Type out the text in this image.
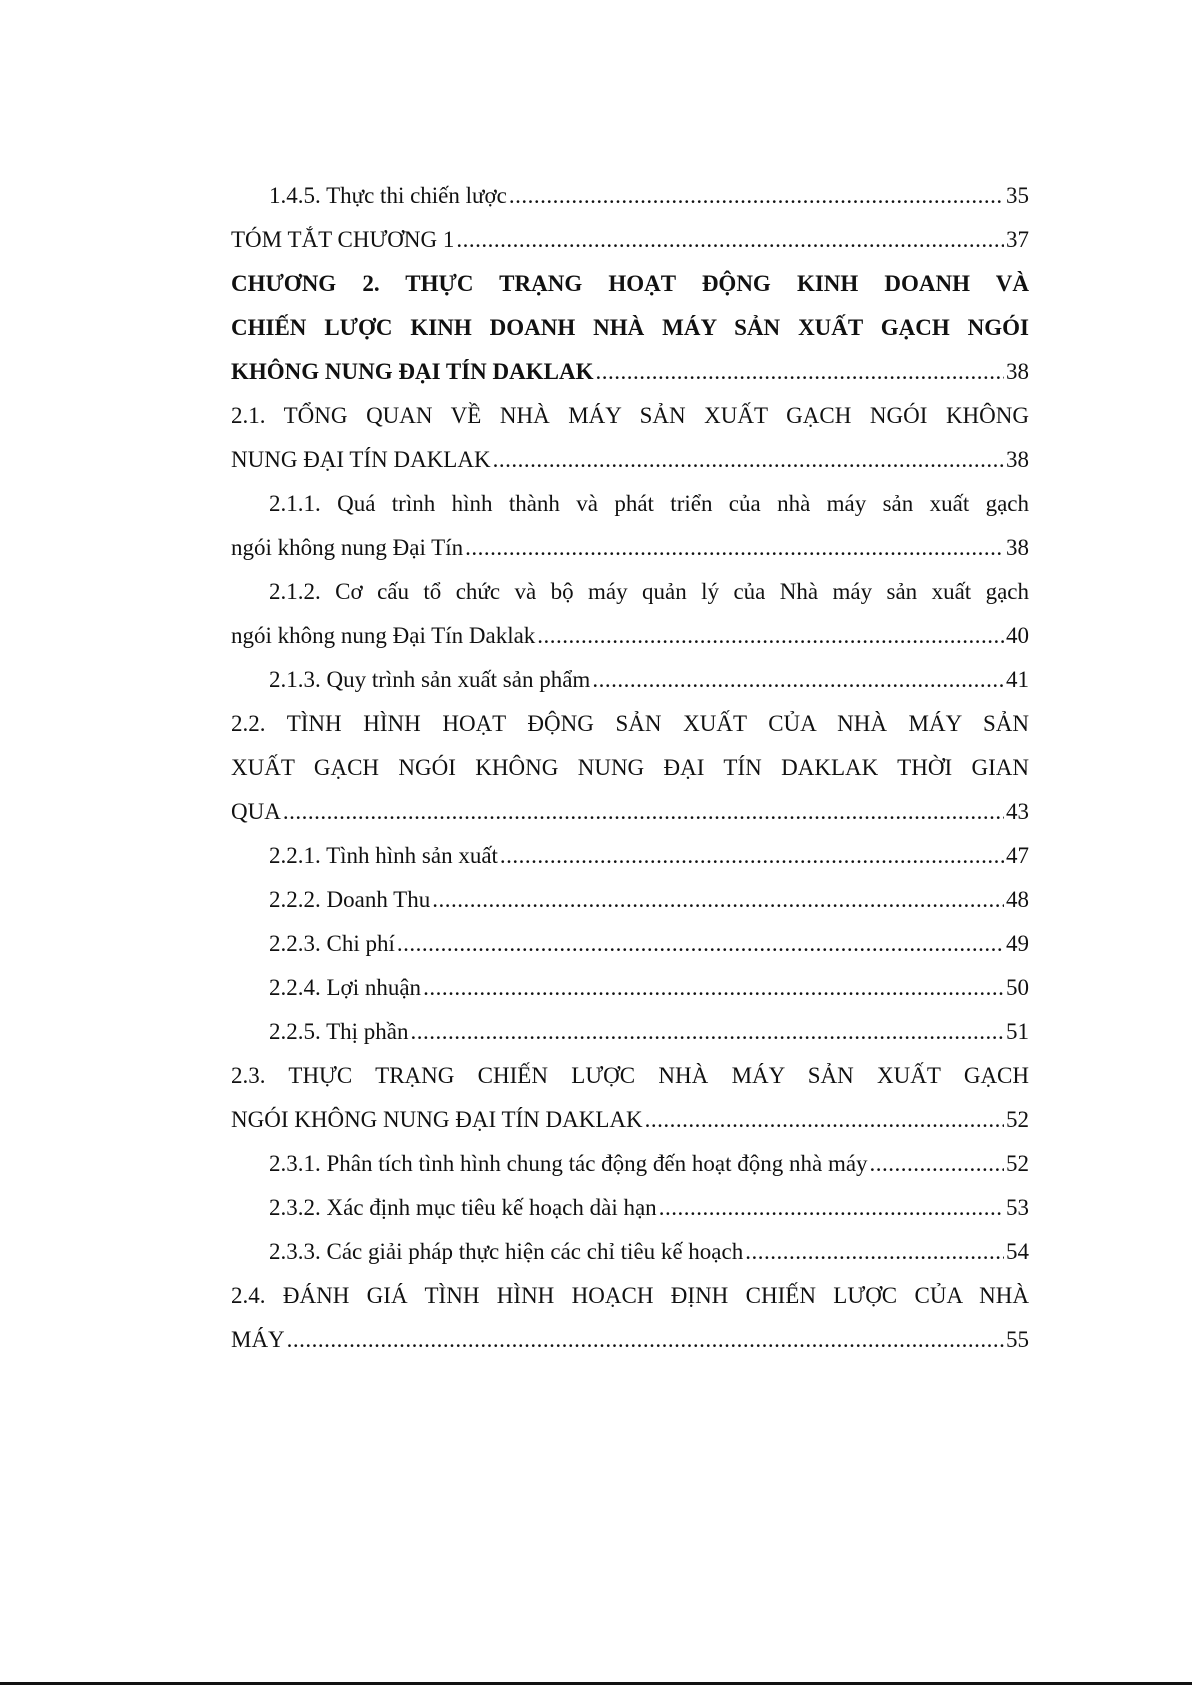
1.4.5. Thực thi chiến lược .....	35
TÓM TẮT CHƯƠNG 1 .....	37
CHƯƠNG 2. THỰC TRẠNG HOẠT ĐỘNG KINH DOANH VÀ
CHIẾN LƯỢC KINH DOANH NHÀ MÁY SẢN XUẤT GẠCH NGÓI
KHÔNG NUNG ĐẠI TÍN DAKLAK .....	38
2.1. TỔNG QUAN VỀ NHÀ MÁY SẢN XUẤT GẠCH NGÓI KHÔNG
NUNG ĐẠI TÍN DAKLAK .....	38
2.1.1. Quá trình hình thành và phát triển của nhà máy sản xuất gạch
ngói không nung Đại Tín .....	38
2.1.2. Cơ cấu tổ chức và bộ máy quản lý của Nhà máy sản xuất gạch
ngói không nung Đại Tín Daklak .....	40
2.1.3. Quy trình sản xuất sản phẩm .....	41
2.2. TÌNH HÌNH HOẠT ĐỘNG SẢN XUẤT CỦA NHÀ MÁY SẢN
XUẤT GẠCH NGÓI KHÔNG NUNG ĐẠI TÍN DAKLAK THỜI GIAN
QUA .....	43
2.2.1. Tình hình sản xuất .....	47
2.2.2. Doanh Thu .....	48
2.2.3. Chi phí .....	49
2.2.4. Lợi nhuận .....	50
2.2.5. Thị phần .....	51
2.3. THỰC TRẠNG CHIẾN LƯỢC NHÀ MÁY SẢN XUẤT GẠCH
NGÓI KHÔNG NUNG ĐẠI TÍN DAKLAK .....	52
2.3.1. Phân tích tình hình chung tác động đến hoạt động nhà máy .....	52
2.3.2. Xác định mục tiêu kế hoạch dài hạn .....	53
2.3.3. Các giải pháp thực hiện các chỉ tiêu kế hoạch .....	54
2.4. ĐÁNH GIÁ TÌNH HÌNH HOẠCH ĐỊNH CHIẾN LƯỢC CỦA NHÀ
MÁY .....	55
